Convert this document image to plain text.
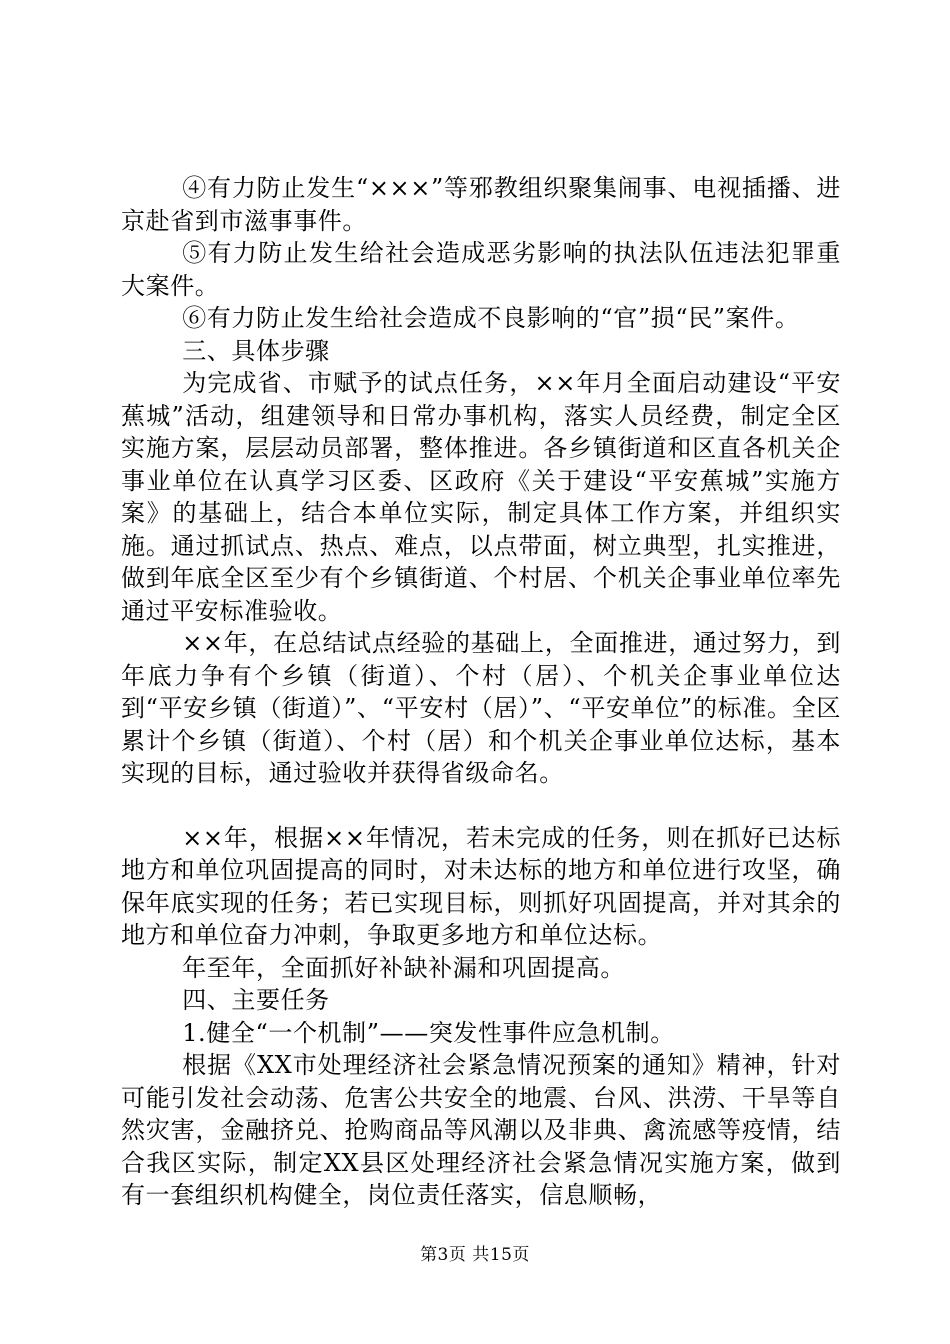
④有力防止发生“×××”等邪教组织聚集闹事、电视插播、进京赴省到市滋事事件。

⑤有力防止发生给社会造成恶劣影响的执法队伍违法犯罪重大案件。

⑥有力防止发生给社会造成不良影响的“官”损“民”案件。

三、具体步骤

为完成省、市赋予的试点任务，××年月全面启动建设“平安蕉城”活动，组建领导和日常办事机构，落实人员经费，制定全区实施方案，层层动员部署，整体推进。各乡镇街道和区直各机关企事业单位在认真学习区委、区政府《关于建设“平安蕉城”实施方案》的基础上，结合本单位实际，制定具体工作方案，并组织实施。通过抓试点、热点、难点，以点带面，树立典型，扎实推进，做到年底全区至少有个乡镇街道、个村居、个机关企事业单位率先通过平安标准验收。

××年，在总结试点经验的基础上，全面推进，通过努力，到年底力争有个乡镇（街道）、个村（居）、个机关企事业单位达到“平安乡镇（街道）”、“平安村（居）”、“平安单位”的标准。全区累计个乡镇（街道）、个村（居）和个机关企事业单位达标，基本实现的目标，通过验收并获得省级命名。

××年，根据××年情况，若未完成的任务，则在抓好已达标地方和单位巩固提高的同时，对未达标的地方和单位进行攻坚，确保年底实现的任务；若已实现目标，则抓好巩固提高，并对其余的地方和单位奋力冲刺，争取更多地方和单位达标。

年至年，全面抓好补缺补漏和巩固提高。

四、主要任务

1.健全“一个机制”——突发性事件应急机制。

根据《XX市处理经济社会紧急情况预案的通知》精神，针对可能引发社会动荡、危害公共安全的地震、台风、洪涝、干旱等自然灾害，金融挤兑、抢购商品等风潮以及非典、禽流感等疫情，结合我区实际，制定XX县区处理经济社会紧急情况实施方案，做到有一套组织机构健全，岗位责任落实，信息顺畅，

第3页 共15页
